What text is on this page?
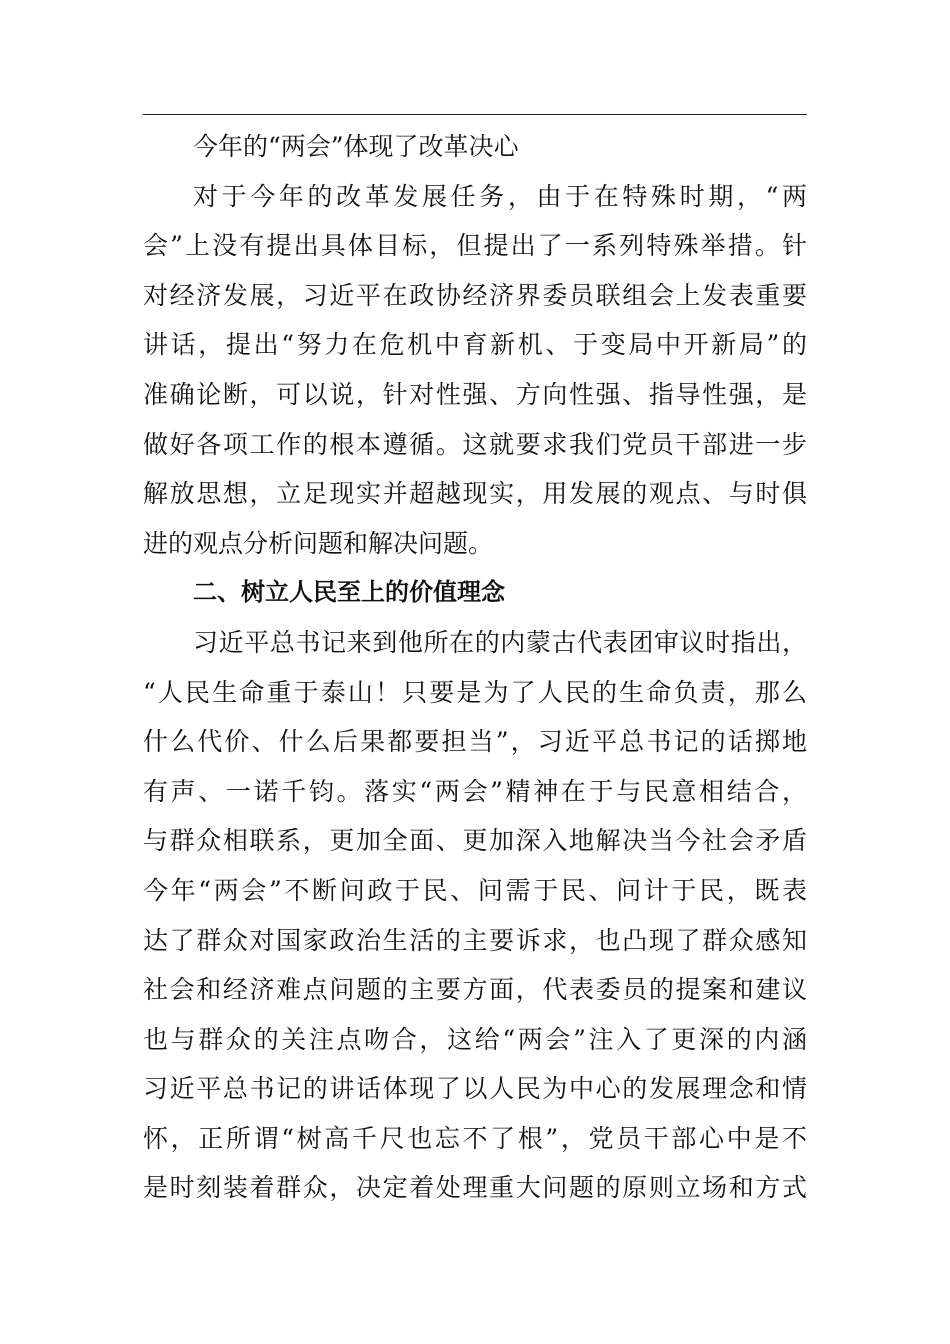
今年的“两会”体现了改革决心
对于今年的改革发展任务，由于在特殊时期，“两
会”上没有提出具体目标，但提出了一系列特殊举措。针
对经济发展，习近平在政协经济界委员联组会上发表重要
讲话，提出“努力在危机中育新机、于变局中开新局”的
准确论断，可以说，针对性强、方向性强、指导性强，是
做好各项工作的根本遵循。这就要求我们党员干部进一步
解放思想，立足现实并超越现实，用发展的观点、与时俱
进的观点分析问题和解决问题。
二、树立人民至上的价值理念
习近平总书记来到他所在的内蒙古代表团审议时指出，
“人民生命重于泰山！只要是为了人民的生命负责，那么
什么代价、什么后果都要担当”，习近平总书记的话掷地
有声、一诺千钧。落实“两会”精神在于与民意相结合，
与群众相联系，更加全面、更加深入地解决当今社会矛盾
今年“两会”不断问政于民、问需于民、问计于民，既表
达了群众对国家政治生活的主要诉求，也凸现了群众感知
社会和经济难点问题的主要方面，代表委员的提案和建议
也与群众的关注点吻合，这给“两会”注入了更深的内涵
习近平总书记的讲话体现了以人民为中心的发展理念和情
怀，正所谓“树高千尺也忘不了根”，党员干部心中是不
是时刻装着群众，决定着处理重大问题的原则立场和方式
